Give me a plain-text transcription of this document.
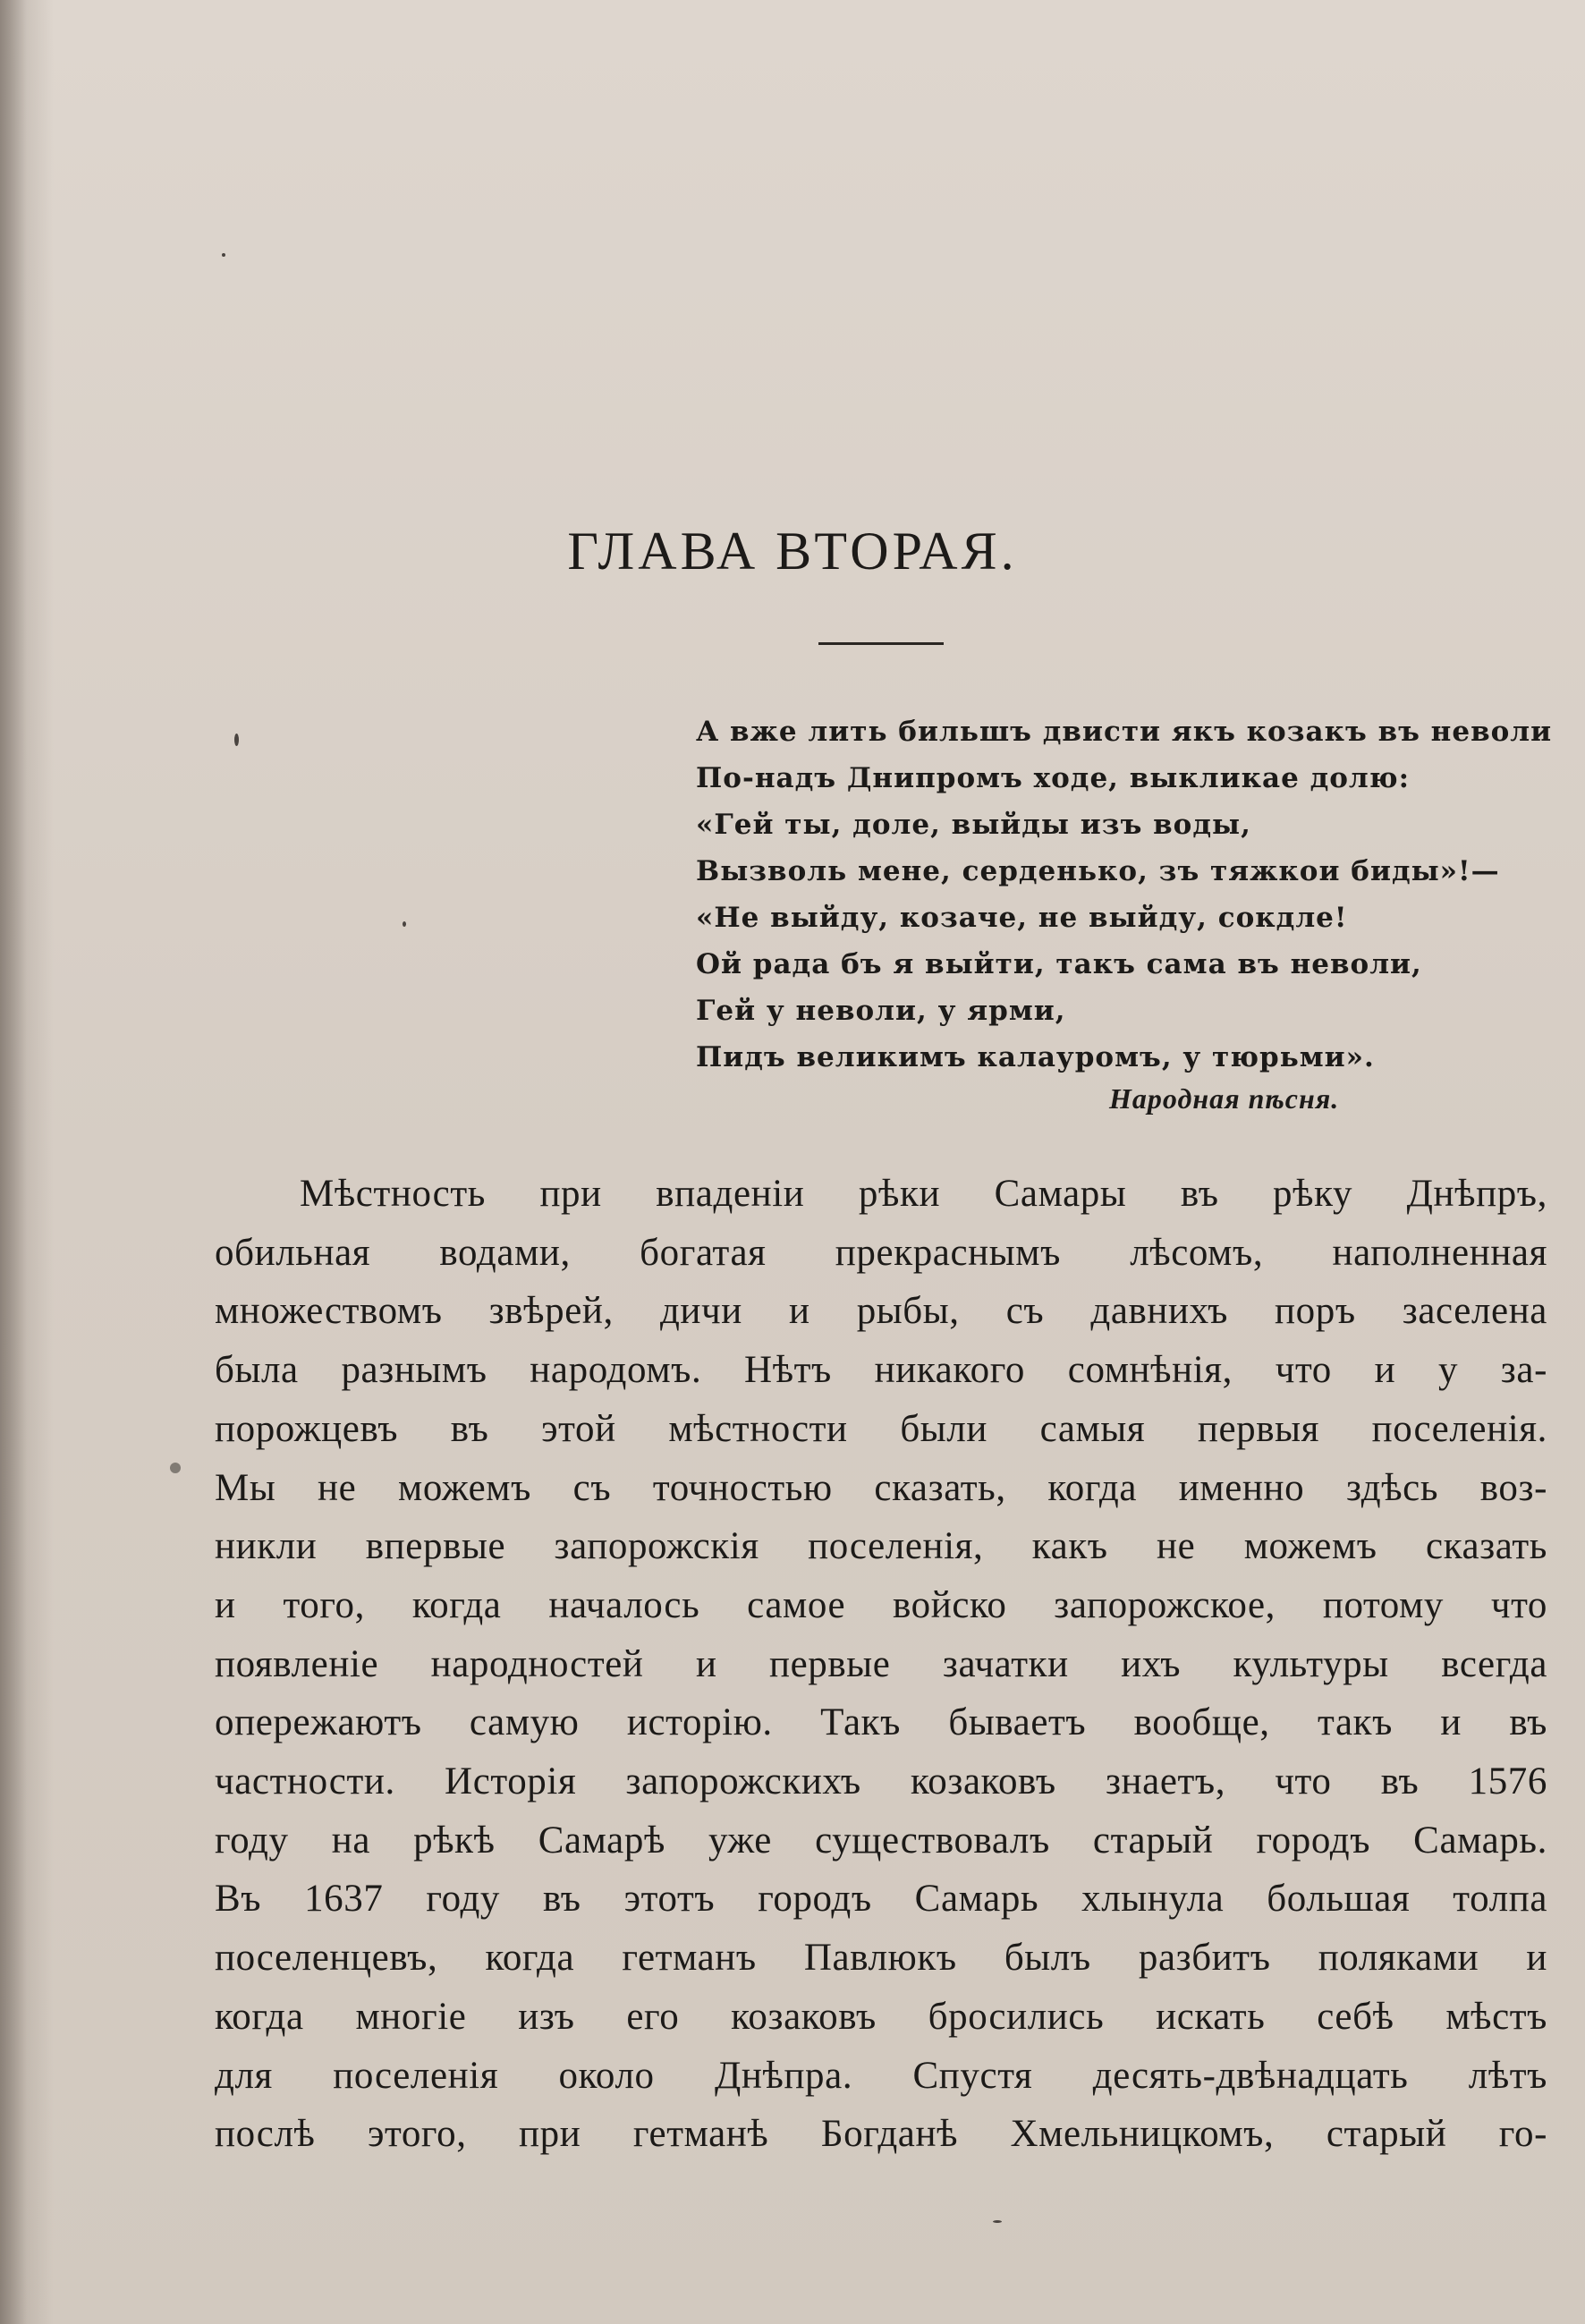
ГЛАВА ВТОРАЯ.
А вже лить бильшъ двисти якъ козакъ въ неволи
По-надъ Днипромъ ходе, выкликае долю:
«Гей ты, доле, выйды изъ воды,
Вызволь мене, серденько, зъ тяжкои биды»!—
«Не выйду, козаче, не выйду, сокдле!
Ой рада бъ я выйти, такъ сама въ неволи,
Гей у неволи, у ярми,
Пидъ великимъ калауромъ, у тюрьми».
Народная пѣсня.
Мѣстность при впаденіи рѣки Самары въ рѣку Днѣпръ,
обильная водами, богатая прекраснымъ лѣсомъ, наполненная
множествомъ звѣрей, дичи и рыбы, съ давнихъ поръ заселена
была разнымъ народомъ. Нѣтъ никакого сомнѣнія, что и у за-
порожцевъ въ этой мѣстности были самыя первыя поселенія.
Мы не можемъ съ точностью сказать, когда именно здѣсь воз-
никли впервые запорожскія поселенія, какъ не можемъ сказать
и того, когда началось самое войско запорожское, потому что
появленіе народностей и первые зачатки ихъ культуры всегда
опережаютъ самую исторію. Такъ бываетъ вообще, такъ и въ
частности. Исторія запорожскихъ козаковъ знаетъ, что въ 1576
году на рѣкѣ Самарѣ уже существовалъ старый городъ Самарь.
Въ 1637 году въ этотъ городъ Самарь хлынула большая толпа
поселенцевъ, когда гетманъ Павлюкъ былъ разбитъ поляками и
когда многіе изъ его козаковъ бросились искать себѣ мѣстъ
для поселенія около Днѣпра. Спустя десять-двѣнадцать лѣтъ
послѣ этого, при гетманѣ Богданѣ Хмельницкомъ, старый го-
